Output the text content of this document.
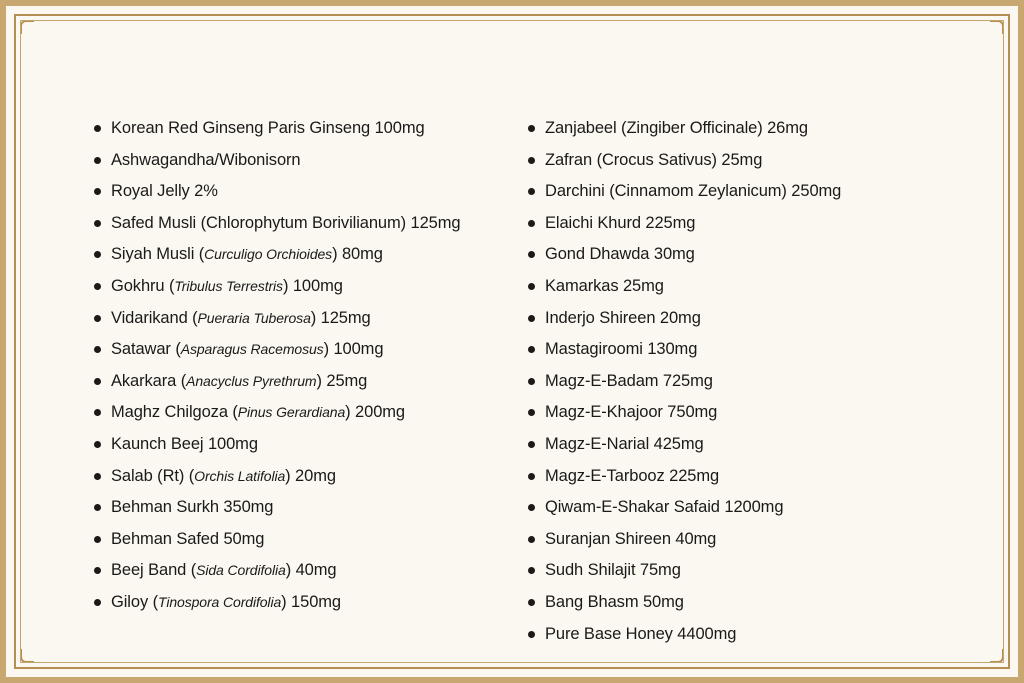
Korean Red Ginseng Paris Ginseng 100mg
Ashwagandha/Wibonisorn
Royal Jelly 2%
Safed Musli (Chlorophytum Borivilianum) 125mg
Siyah Musli (Curculigo Orchioides) 80mg
Gokhru (Tribulus Terrestris) 100mg
Vidarikand (Pueraria Tuberosa) 125mg
Satawar (Asparagus Racemosus) 100mg
Akarkara (Anacyclus Pyrethrum) 25mg
Maghz Chilgoza (Pinus Gerardiana) 200mg
Kaunch Beej 100mg
Salab (Rt) (Orchis Latifolia) 20mg
Behman Surkh 350mg
Behman Safed 50mg
Beej Band (Sida Cordifolia) 40mg
Giloy (Tinospora Cordifolia) 150mg
Zanjabeel (Zingiber Officinale) 26mg
Zafran (Crocus Sativus) 25mg
Darchini (Cinnamom Zeylanicum) 250mg
Elaichi Khurd 225mg
Gond Dhawda 30mg
Kamarkas 25mg
Inderjo Shireen 20mg
Mastagiroomi 130mg
Magz-E-Badam 725mg
Magz-E-Khajoor 750mg
Magz-E-Narial 425mg
Magz-E-Tarbooz 225mg
Qiwam-E-Shakar Safaid 1200mg
Suranjan Shireen 40mg
Sudh Shilajit 75mg
Bang Bhasm 50mg
Pure Base Honey 4400mg
